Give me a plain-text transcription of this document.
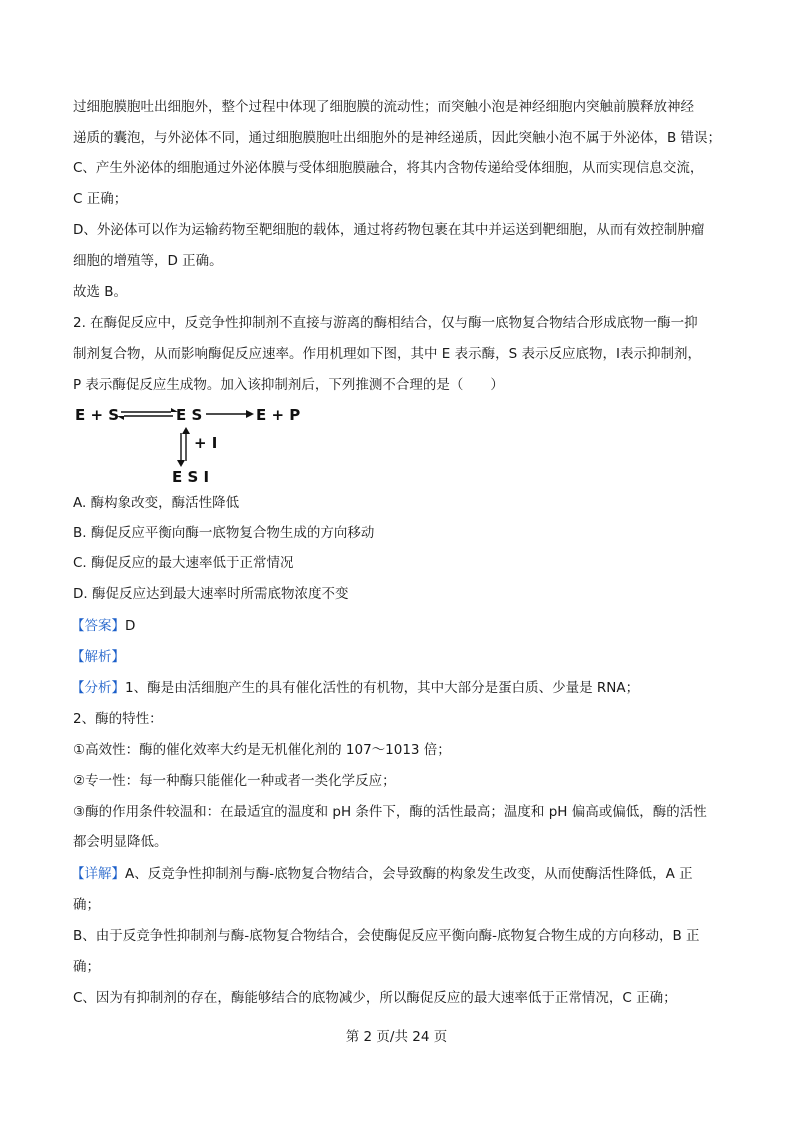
过细胞膜胞吐出细胞外，整个过程中体现了细胞膜的流动性；而突触小泡是神经细胞内突触前膜释放神经
递质的囊泡，与外泌体不同，通过细胞膜胞吐出细胞外的是神经递质，因此突触小泡不属于外泌体，B 错误；
C、产生外泌体的细胞通过外泌体膜与受体细胞膜融合，将其内含物传递给受体细胞，从而实现信息交流，
C 正确；
D、外泌体可以作为运输药物至靶细胞的载体，通过将药物包裹在其中并运送到靶细胞，从而有效控制肿瘤
细胞的增殖等，D 正确。
故选 B。
2. 在酶促反应中，反竞争性抑制剂不直接与游离的酶相结合，仅与酶一底物复合物结合形成底物一酶一抑
制剂复合物，从而影响酶促反应速率。作用机理如下图，其中 E 表示酶，S 表示反应底物，Ⅰ表示抑制剂，
P 表示酶促反应生成物。加入该抑制剂后，下列推测不合理的是（　　）
E + S	E S	E + P
+ I
E S I
A. 酶构象改变，酶活性降低
B. 酶促反应平衡向酶一底物复合物生成的方向移动
C. 酶促反应的最大速率低于正常情况
D. 酶促反应达到最大速率时所需底物浓度不变
【答案】D
【解析】
【分析】1、酶是由活细胞产生的具有催化活性的有机物，其中大部分是蛋白质、少量是 RNA；
2、酶的特性：
①高效性：酶的催化效率大约是无机催化剂的 107～1013 倍；
②专一性：每一种酶只能催化一种或者一类化学反应；
③酶的作用条件较温和：在最适宜的温度和 pH 条件下，酶的活性最高；温度和 pH 偏高或偏低，酶的活性
都会明显降低。
【详解】A、反竞争性抑制剂与酶-底物复合物结合，会导致酶的构象发生改变，从而使酶活性降低，A 正
确；
B、由于反竞争性抑制剂与酶-底物复合物结合，会使酶促反应平衡向酶-底物复合物生成的方向移动，B 正
确；
C、因为有抑制剂的存在，酶能够结合的底物减少，所以酶促反应的最大速率低于正常情况，C 正确；
第 2 页/共 24 页
